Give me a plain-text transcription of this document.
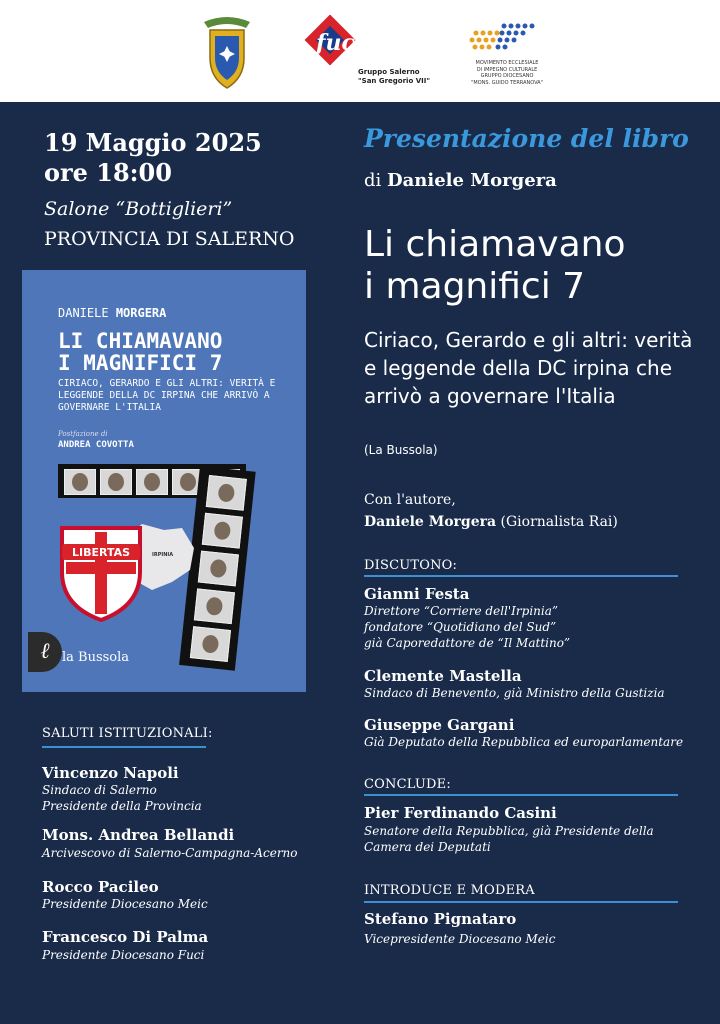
fuci
Gruppo Salerno
"San Gregorio VII"
MOVIMENTO ECCLESIALE
DI IMPEGNO CULTURALE
GRUPPO DIOCESANO
"MONS. GUIDO TERRANOVA"
19 Maggio 2025
ore 18:00
Salone “Bottiglieri”
PROVINCIA DI SALERNO
DANIELE MORGERA
LI CHIAMAVANO
I MAGNIFICI 7
CIRIACO, GERARDO E GLI ALTRI: VERITÀ E LEGGENDE DELLA DC IRPINA CHE ARRIVÒ A GOVERNARE L'ITALIA
Postfazione di
ANDREA COVOTTA
IRPINIA
LIBERTAS
ℓ la Bussola
SALUTI ISTITUZIONALI:
Vincenzo Napoli
Sindaco di Salerno
Presidente della Provincia
Mons. Andrea Bellandi
Arcivescovo di Salerno-Campagna-Acerno
Rocco Pacileo
Presidente Diocesano Meic
Francesco Di Palma
Presidente Diocesano Fuci
Presentazione del libro
di Daniele Morgera
Li chiamavano
i magnifici 7
Ciriaco, Gerardo e gli altri: verità e leggende della DC irpina che arrivò a governare l'Italia
(La Bussola)
Con l'autore,
Daniele Morgera (Giornalista Rai)
DISCUTONO:
Gianni Festa
Direttore “Corriere dell'Irpinia”
fondatore “Quotidiano del Sud”
già Caporedattore de “Il Mattino”
Clemente Mastella
Sindaco di Benevento, già Ministro della Gustizia
Giuseppe Gargani
Già Deputato della Repubblica ed europarlamentare
CONCLUDE:
Pier Ferdinando Casini
Senatore della Repubblica, già Presidente della
Camera dei Deputati
INTRODUCE E MODERA
Stefano Pignataro
Vicepresidente Diocesano Meic
